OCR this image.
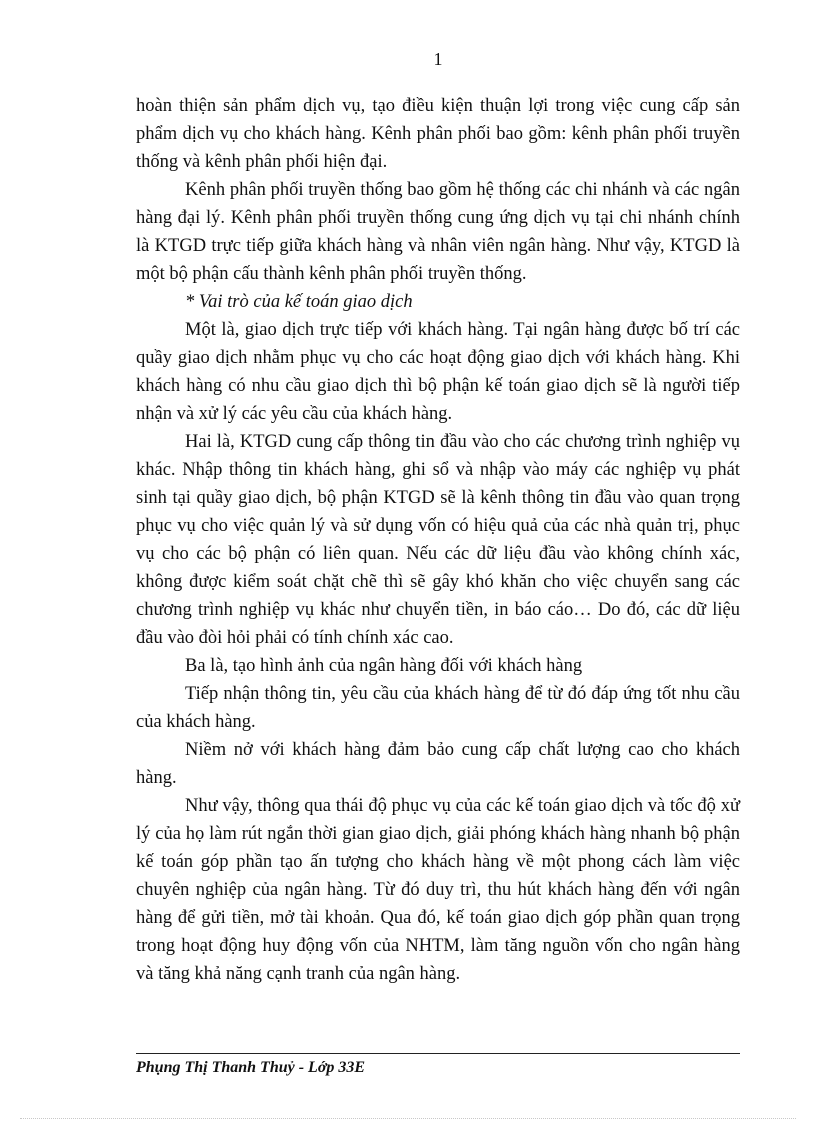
1

hoàn thiện sản phẩm dịch vụ, tạo điều kiện thuận lợi trong việc cung cấp sản phẩm dịch vụ cho khách hàng. Kênh phân phối bao gồm: kênh phân phối truyền thống và kênh phân phối hiện đại.

Kênh phân phối truyền thống bao gồm hệ thống các chi nhánh và các ngân hàng đại lý. Kênh phân phối truyền thống cung ứng dịch vụ tại chi nhánh chính là KTGD trực tiếp giữa khách hàng và nhân viên ngân hàng. Như vậy, KTGD là một bộ phận cấu thành kênh phân phối truyền thống.

* Vai trò của kế toán giao dịch

Một là, giao dịch trực tiếp với khách hàng. Tại ngân hàng được bố trí các quầy giao dịch nhằm phục vụ cho các hoạt động giao dịch với khách hàng. Khi khách hàng có nhu cầu giao dịch thì bộ phận kế toán giao dịch sẽ là người tiếp nhận và xử lý các yêu cầu của khách hàng.

Hai là, KTGD cung cấp thông tin đầu vào cho các chương trình nghiệp vụ khác. Nhập thông tin khách hàng, ghi sổ và nhập vào máy các nghiệp vụ phát sinh tại quầy giao dịch, bộ phận KTGD sẽ là kênh thông tin đầu vào quan trọng phục vụ cho việc quản lý và sử dụng vốn có hiệu quả của các nhà quản trị, phục vụ cho các bộ phận có liên quan. Nếu các dữ liệu đầu vào không chính xác, không được kiểm soát chặt chẽ thì sẽ gây khó khăn cho việc chuyển sang các chương trình nghiệp vụ khác như chuyển tiền, in báo cáo… Do đó, các dữ liệu đầu vào đòi hỏi phải có tính chính xác cao.

Ba là, tạo hình ảnh của ngân hàng đối với khách hàng

Tiếp nhận thông tin, yêu cầu của khách hàng để từ đó đáp ứng tốt nhu cầu của khách hàng.

Niềm nở với khách hàng đảm bảo cung cấp chất lượng cao cho khách hàng.

Như vậy, thông qua thái độ phục vụ của các kế toán giao dịch và tốc độ xử lý của họ làm rút ngắn thời gian giao dịch, giải phóng khách hàng nhanh bộ phận kế toán góp phần tạo ấn tượng cho khách hàng về một phong cách làm việc chuyên nghiệp của ngân hàng. Từ đó duy trì, thu hút khách hàng đến với ngân hàng để gửi tiền, mở tài khoản. Qua đó, kế toán giao dịch góp phần quan trọng trong hoạt động huy động vốn của NHTM, làm tăng nguồn vốn cho ngân hàng và tăng khả năng cạnh tranh của ngân hàng.

Phụng Thị Thanh Thuỷ - Lớp 33E
